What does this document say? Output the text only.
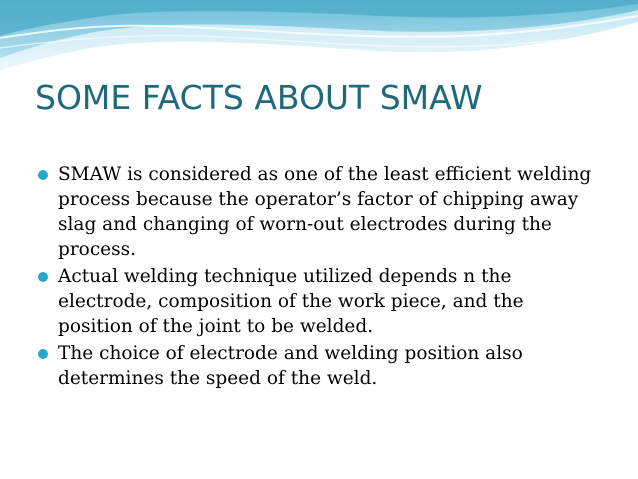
SOME FACTS ABOUT SMAW
SMAW is considered as one of the least efficient welding process because the operator’s factor of chipping away slag and changing of worn-out electrodes during the process.
Actual welding technique utilized depends n the electrode, composition of the work piece, and the position of the joint to be welded.
The choice of electrode and welding position also determines the speed of the weld.
